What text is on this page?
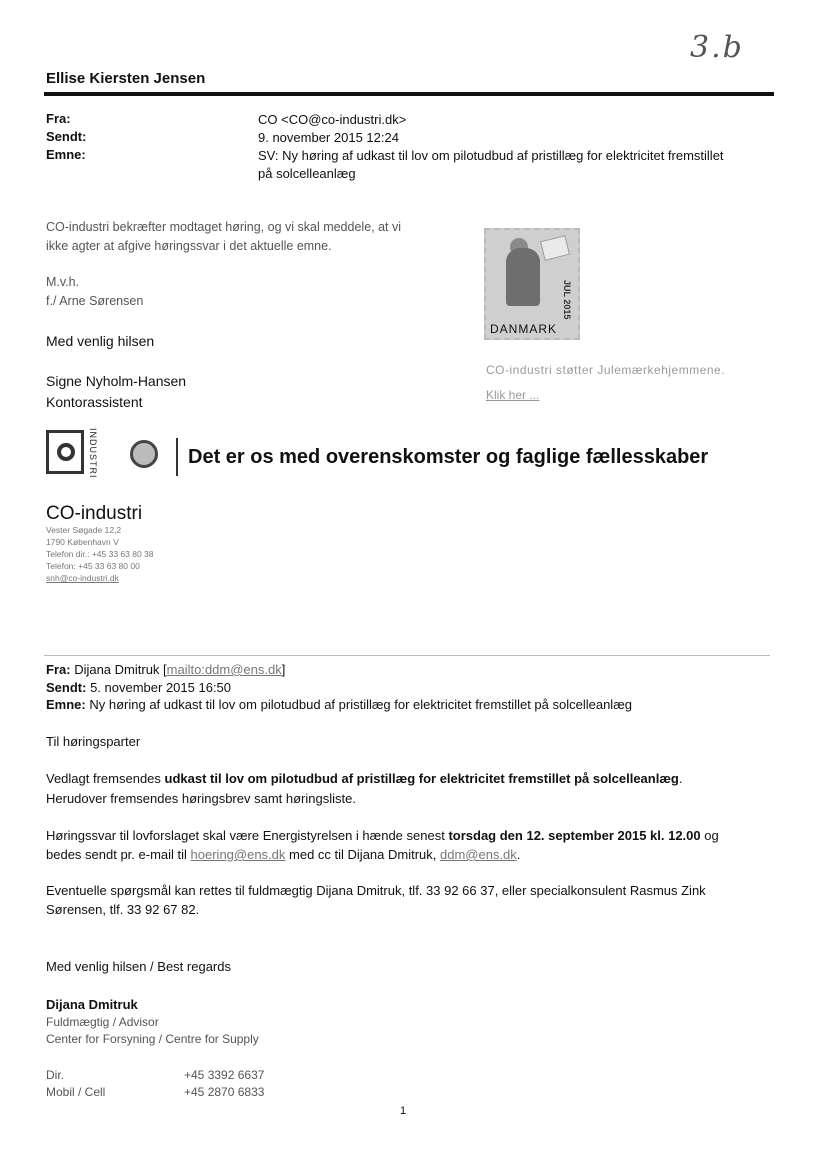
3.b
Ellise Kiersten Jensen
Fra:	CO <CO@co-industri.dk>
Sendt:	9. november 2015 12:24
Emne:	SV: Ny høring af udkast til lov om pilotudbud af pristillæg for elektricitet fremstillet
på solcelleanlæg
CO-industri bekræfter modtaget høring, og vi skal meddele, at vi
ikke agter at afgive høringssvar i det aktuelle emne.
M.v.h.
f./ Arne Sørensen
Med venlig hilsen
Signe Nyholm-Hansen
Kontorassistent
JUL 2015
DANMARK
CO-industri støtter Julemærkehjemmene.
Klik her ...
INDUSTRI	Det er os med overenskomster og faglige fællesskaber
CO-industri
Vester Søgade 12,2
1790 København V
Telefon dir.: +45 33 63 80 38
Telefon: +45 33 63 80 00
snh@co-industri.dk
Fra: Dijana Dmitruk [mailto:ddm@ens.dk]
Sendt: 5. november 2015 16:50
Emne: Ny høring af udkast til lov om pilotudbud af pristillæg for elektricitet fremstillet på solcelleanlæg
Til høringsparter
Vedlagt fremsendes udkast til lov om pilotudbud af pristillæg for elektricitet fremstillet på solcelleanlæg.
Herudover fremsendes høringsbrev samt høringsliste.
Høringssvar til lovforslaget skal være Energistyrelsen i hænde senest torsdag den 12. september 2015 kl. 12.00 og
bedes sendt pr. e-mail til hoering@ens.dk med cc til Dijana Dmitruk, ddm@ens.dk.
Eventuelle spørgsmål kan rettes til fuldmægtig Dijana Dmitruk, tlf. 33 92 66 37, eller specialkonsulent Rasmus Zink
Sørensen, tlf. 33 92 67 82.
Med venlig hilsen / Best regards
Dijana Dmitruk
Fuldmægtig / Advisor
Center for Forsyning / Centre for Supply
Dir.	+45 3392 6637
Mobil / Cell	+45 2870 6833
1
